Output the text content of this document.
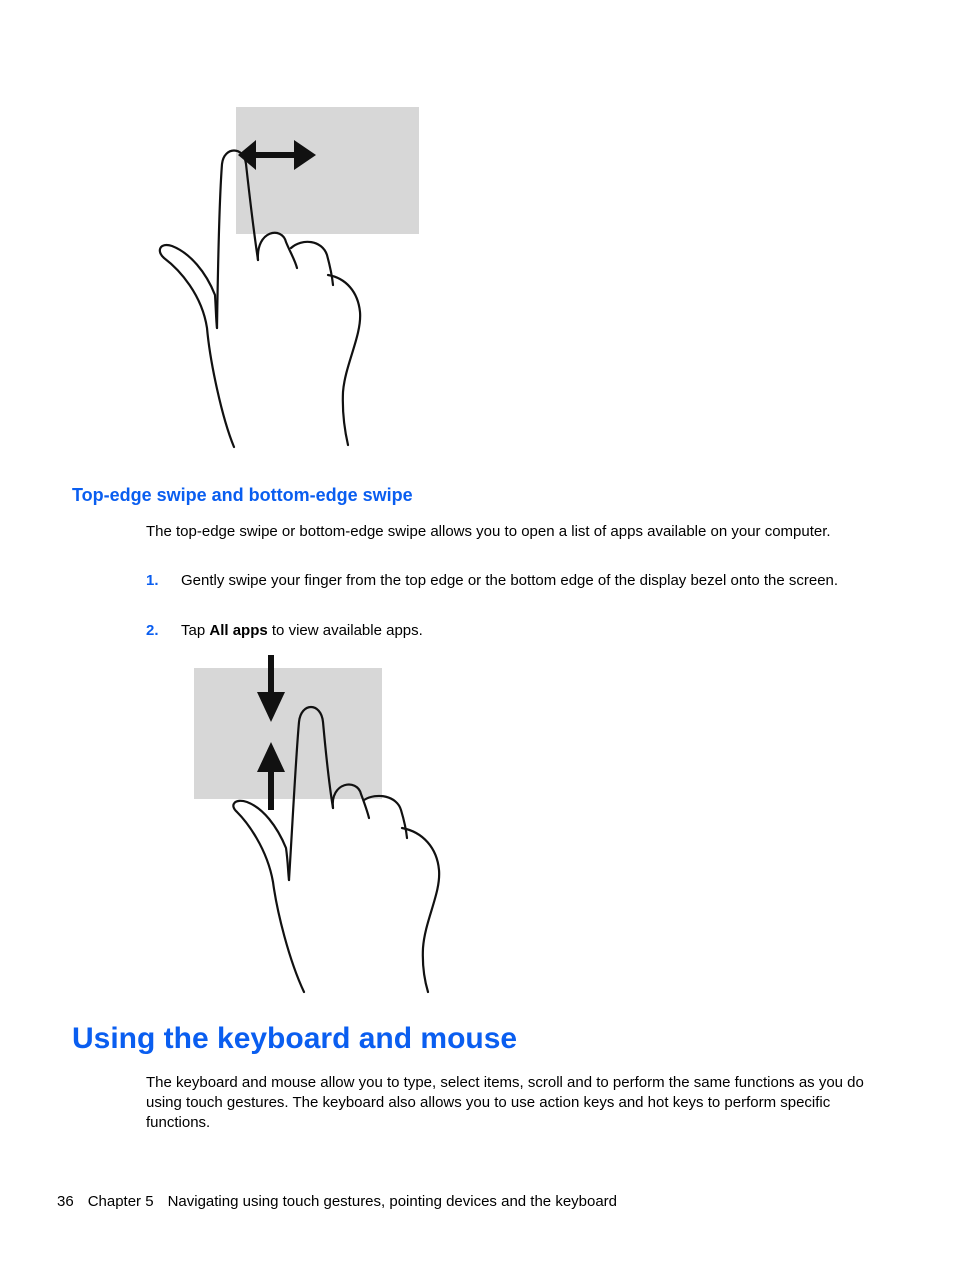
Top-edge swipe and bottom-edge swipe
The top-edge swipe or bottom-edge swipe allows you to open a list of apps available on your computer.
1. Gently swipe your finger from the top edge or the bottom edge of the display bezel onto the screen.
2. Tap All apps to view available apps.
Using the keyboard and mouse
The keyboard and mouse allow you to type, select items, scroll and to perform the same functions as you do using touch gestures. The keyboard also allows you to use action keys and hot keys to perform specific functions.
36 Chapter 5 Navigating using touch gestures, pointing devices and the keyboard
